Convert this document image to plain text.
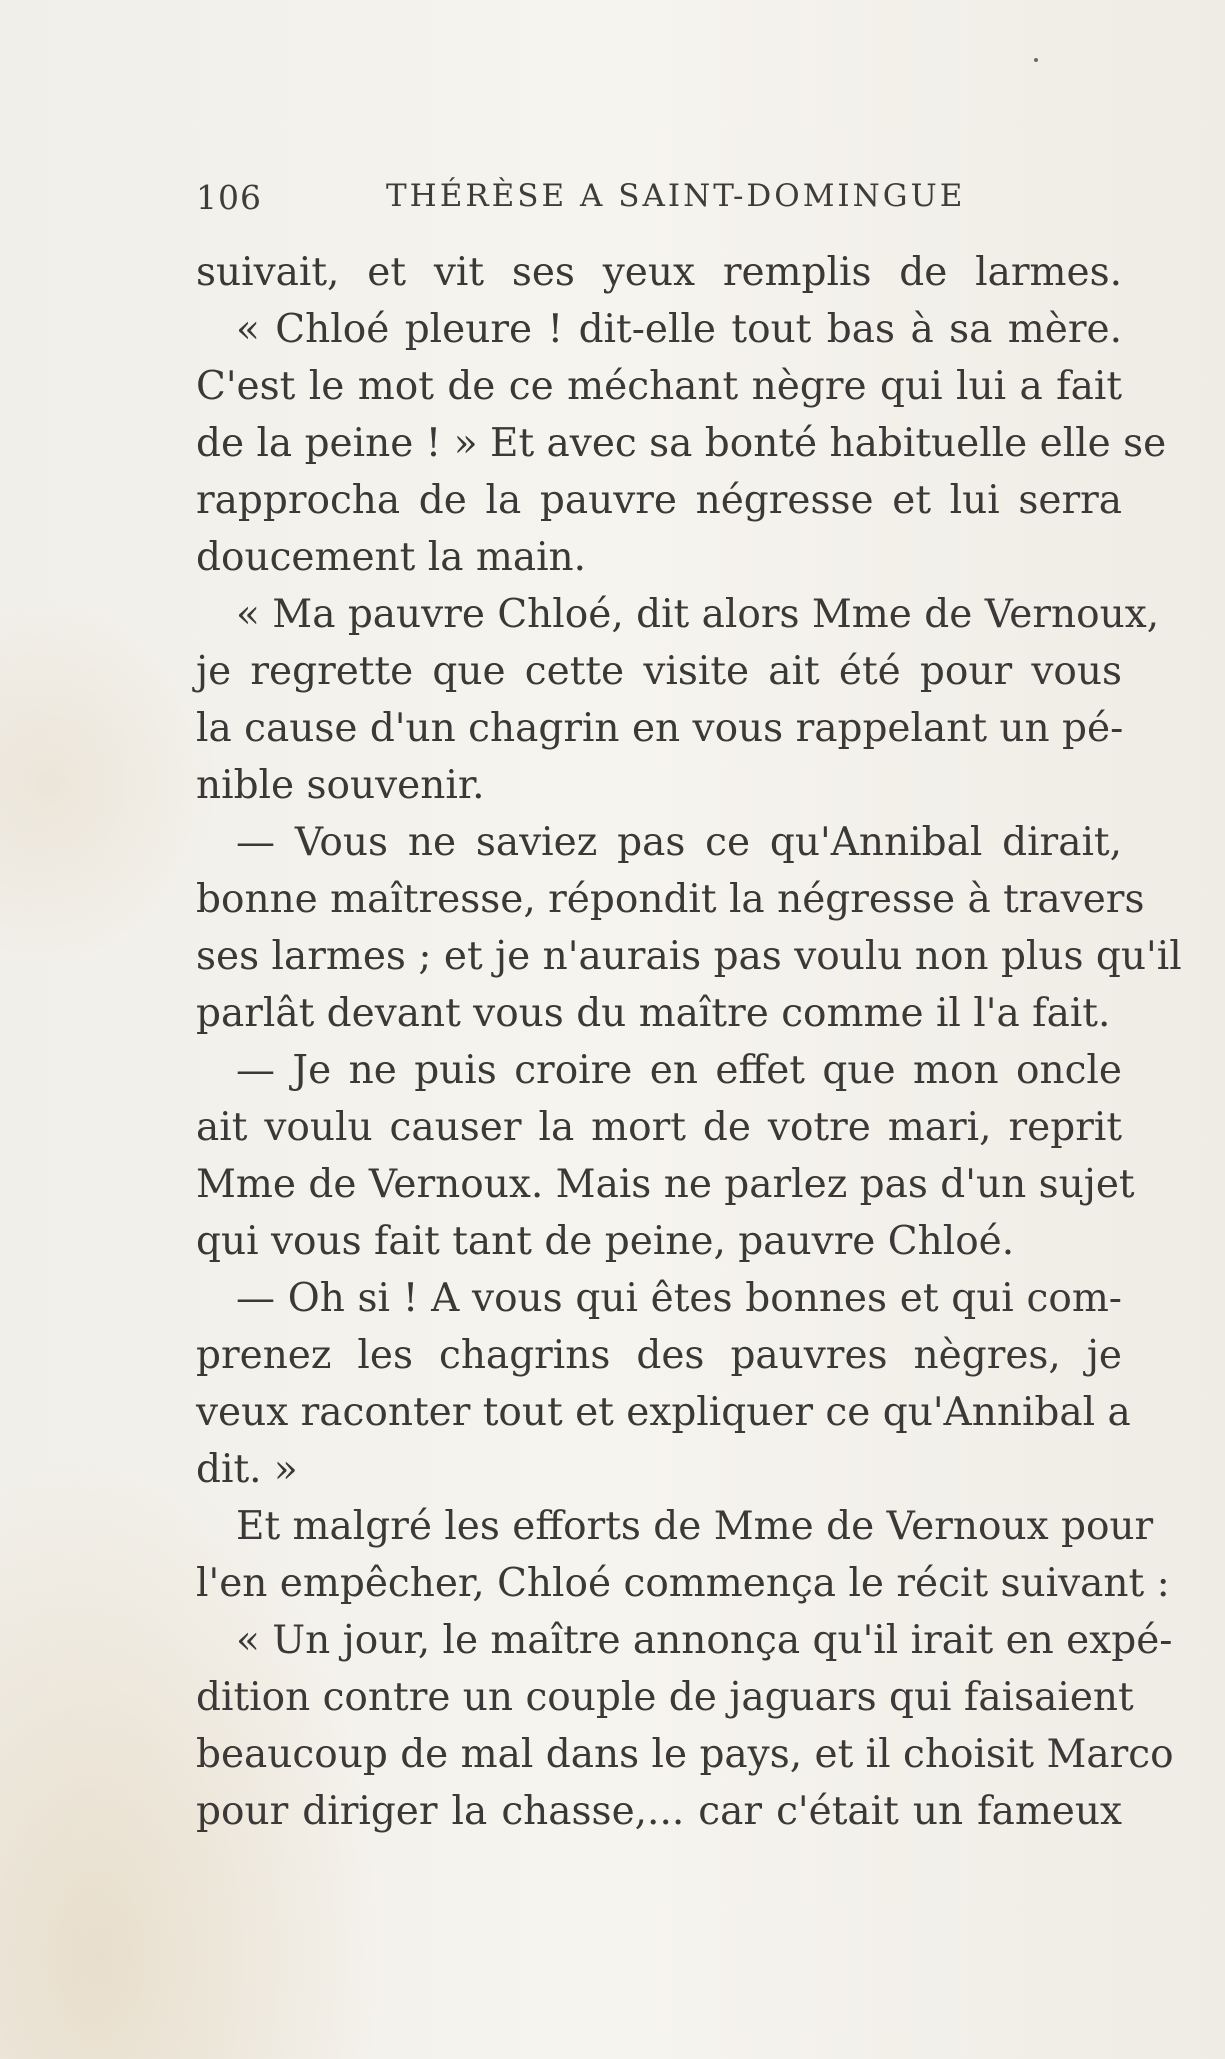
106	THÉRÈSE A SAINT-DOMINGUE
suivait, et vit ses yeux remplis de larmes.
« Chloé pleure ! dit-elle tout bas à sa mère.
C'est le mot de ce méchant nègre qui lui a fait
de la peine ! » Et avec sa bonté habituelle elle se
rapprocha de la pauvre négresse et lui serra
doucement la main.
« Ma pauvre Chloé, dit alors Mme de Vernoux,
je regrette que cette visite ait été pour vous
la cause d'un chagrin en vous rappelant un pé-
nible souvenir.
— Vous ne saviez pas ce qu'Annibal dirait,
bonne maîtresse, répondit la négresse à travers
ses larmes ; et je n'aurais pas voulu non plus qu'il
parlât devant vous du maître comme il l'a fait.
— Je ne puis croire en effet que mon oncle
ait voulu causer la mort de votre mari, reprit
Mme de Vernoux. Mais ne parlez pas d'un sujet
qui vous fait tant de peine, pauvre Chloé.
— Oh si ! A vous qui êtes bonnes et qui com-
prenez les chagrins des pauvres nègres, je
veux raconter tout et expliquer ce qu'Annibal a
dit. »
Et malgré les efforts de Mme de Vernoux pour
l'en empêcher, Chloé commença le récit suivant :
« Un jour, le maître annonça qu'il irait en expé-
dition contre un couple de jaguars qui faisaient
beaucoup de mal dans le pays, et il choisit Marco
pour diriger la chasse,... car c'était un fameux
